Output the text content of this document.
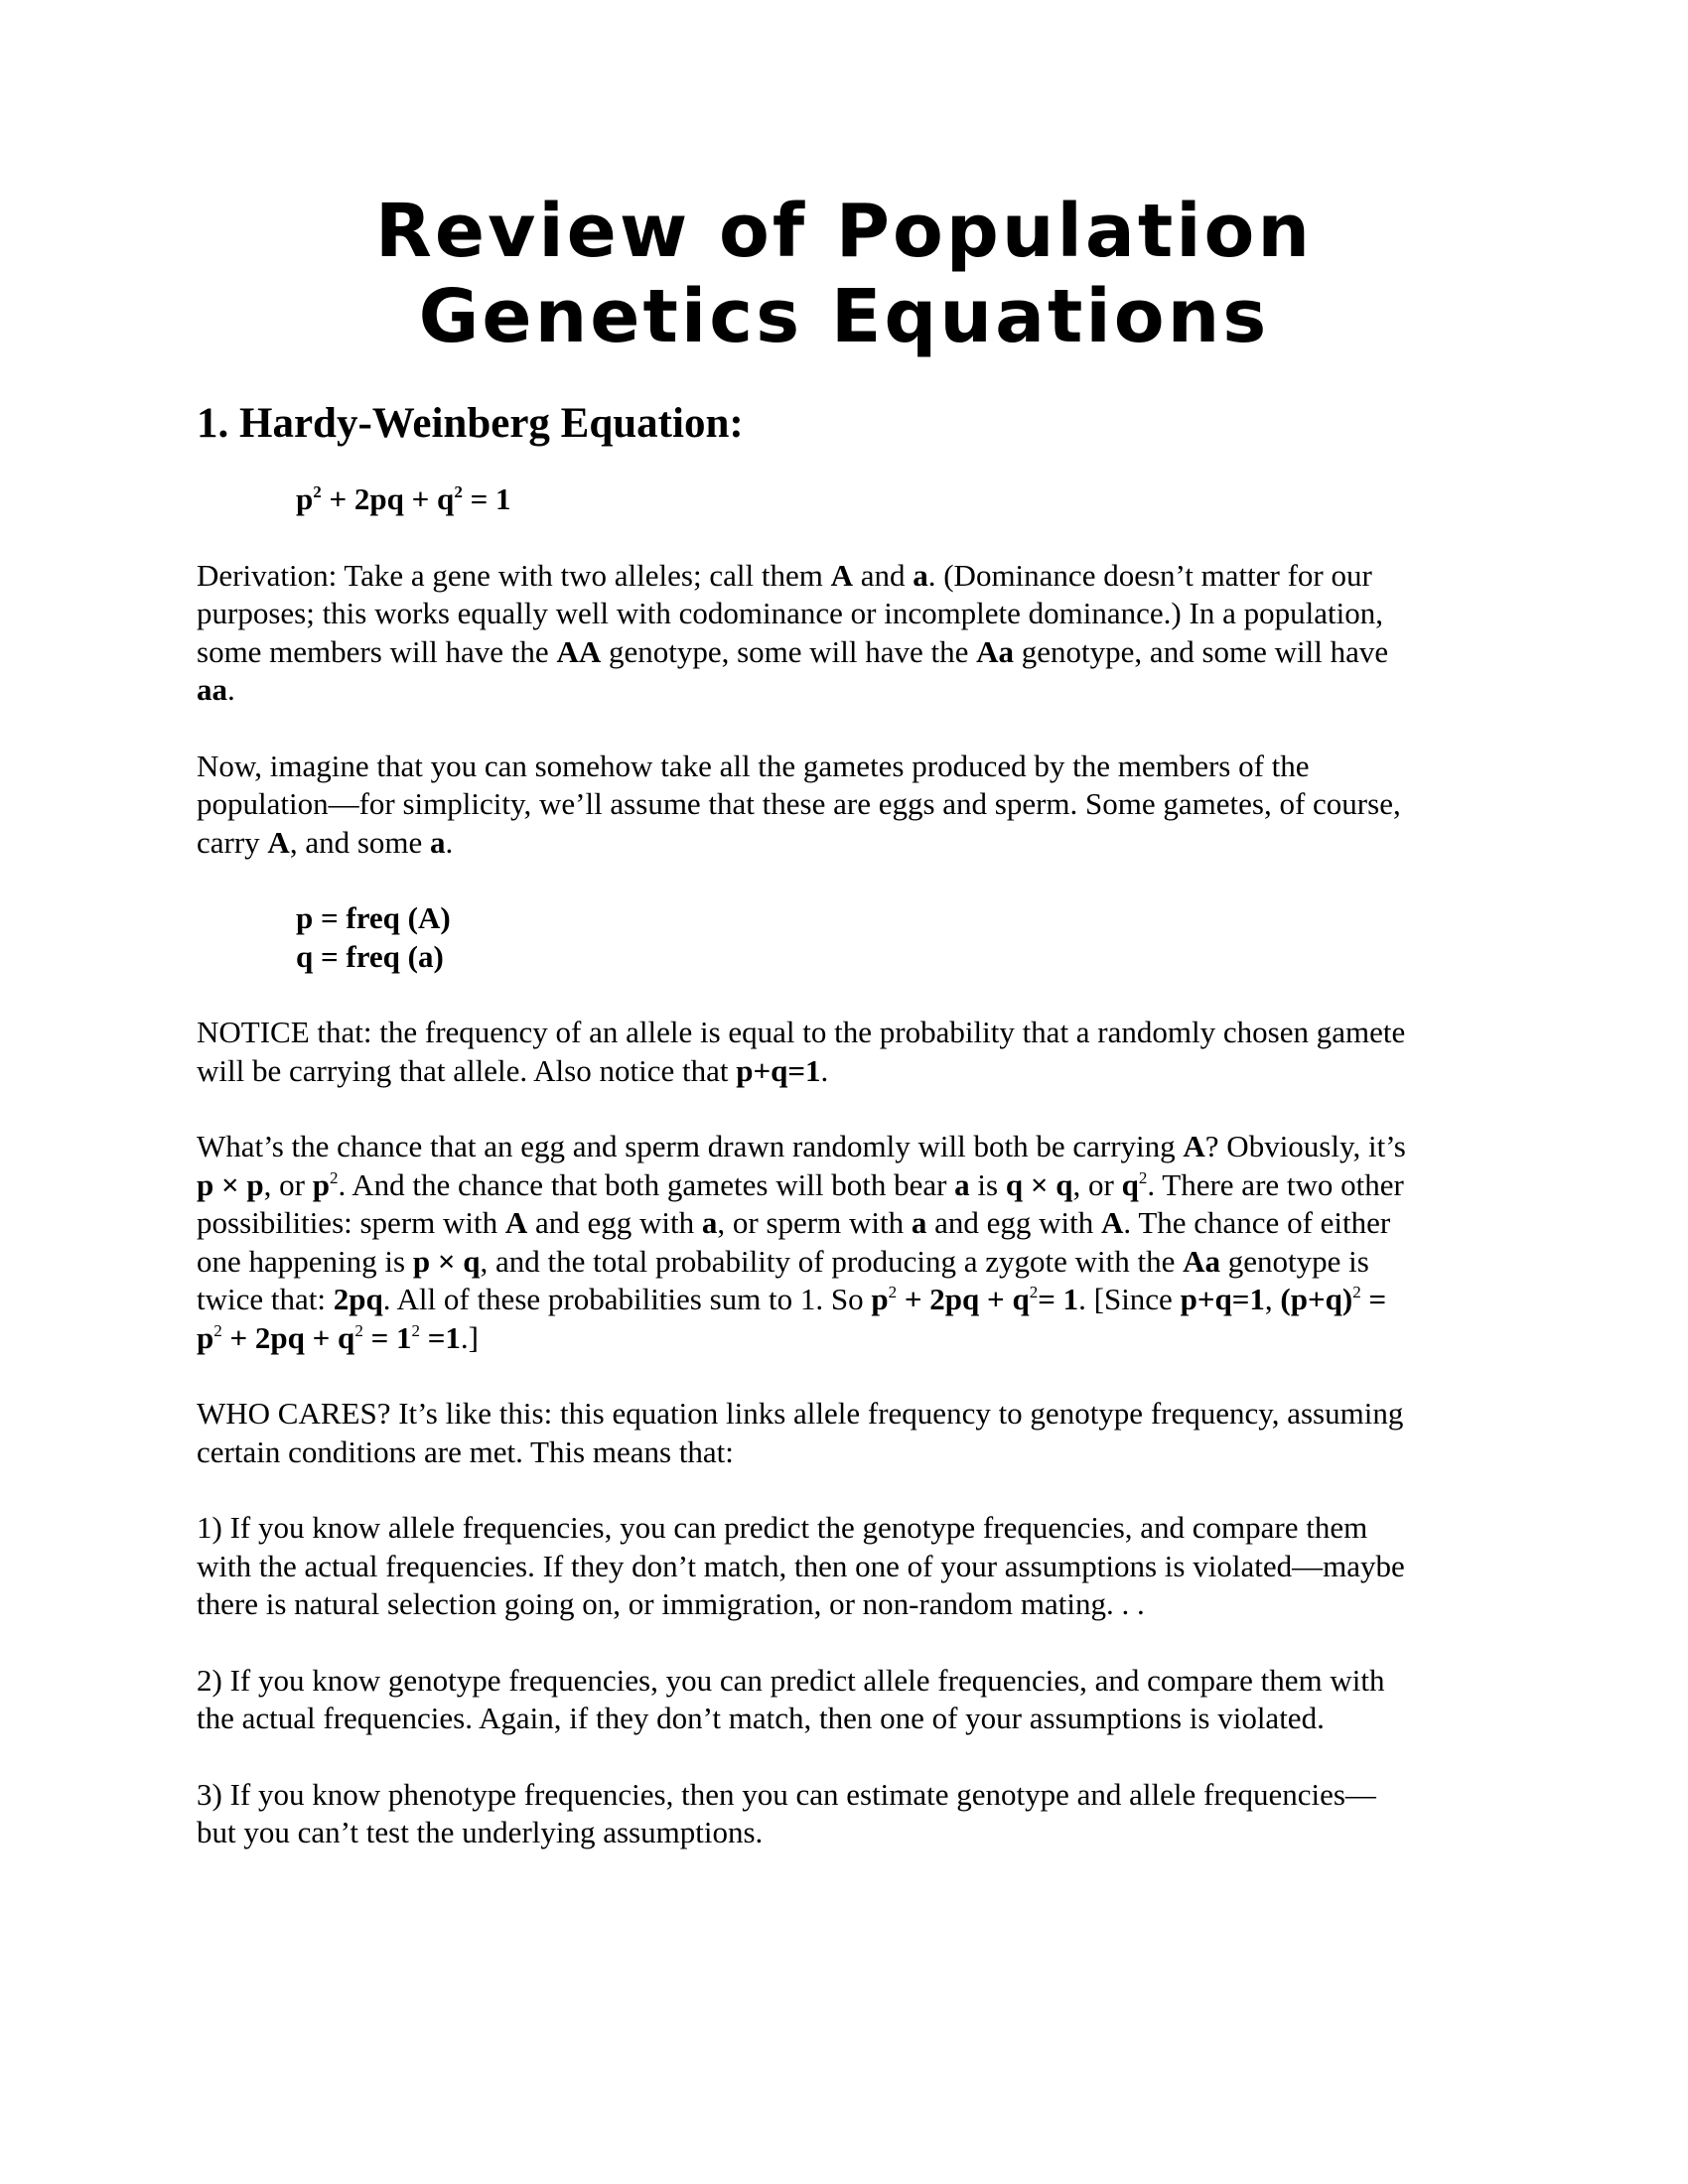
Review of Population
Genetics Equations
1. Hardy-Weinberg Equation:

$p^2 + 2pq + q^2 = 1$

Derivation: Take a gene with two alleles; call them A and a. (Dominance doesn’t matter for our purposes; this works equally well with codominance or incomplete dominance.) In a population, some members will have the AA genotype, some will have the Aa genotype, and some will have aa.

Now, imagine that you can somehow take all the gametes produced by the members of the population—for simplicity, we’ll assume that these are eggs and sperm. Some gametes, of course, carry A, and some a.

p = freq (A)

q = freq (a)

NOTICE that: the frequency of an allele is equal to the probability that a randomly chosen gamete will be carrying that allele. Also notice that p+q=1.

What’s the chance that an egg and sperm drawn randomly will both be carrying A? Obviously, it’s p × p, or $p^2$. And the chance that both gametes will both bear a is q × q, or $q^2$. There are two other possibilities: sperm with A and egg with a, or sperm with a and egg with A. The chance of either one happening is p × q, and the total probability of producing a zygote with the Aa genotype is twice that: 2pq. All of these probabilities sum to 1. So $p^2 + 2pq + q^2= 1$. [Since p+q=1, $(p+q)^2 = p^2 + 2pq + q^2 = 1^2 =1$.]

WHO CARES? It’s like this: this equation links allele frequency to genotype frequency, assuming certain conditions are met. This means that:

1) If you know allele frequencies, you can predict the genotype frequencies, and compare them with the actual frequencies. If they don’t match, then one of your assumptions is violated—maybe there is natural selection going on, or immigration, or non-random mating. . .

2) If you know genotype frequencies, you can predict allele frequencies, and compare them with the actual frequencies. Again, if they don’t match, then one of your assumptions is violated.

3) If you know phenotype frequencies, then you can estimate genotype and allele frequencies—but you can’t test the underlying assumptions.
